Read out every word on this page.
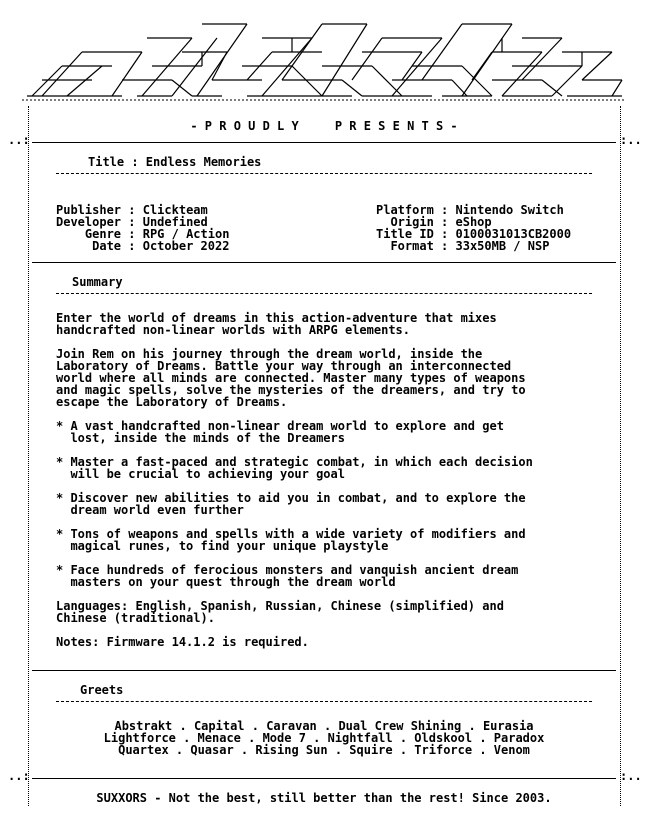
..:	:..
..:	:..
- P R O U D L Y     P R E S E N T S -
Title : Endless Memories

Publisher : Clickteam
Developer : Undefined
Genre : RPG / Action
Date : October 2022

Platform : Nintendo Switch
Origin : eShop
Title ID : 0100031013CB2000
Format : 33x50MB / NSP
Summary
Enter the world of dreams in this action-adventure that mixes
handcrafted non-linear worlds with ARPG elements.
Join Rem on his journey through the dream world, inside the
Laboratory of Dreams. Battle your way through an interconnected
world where all minds are connected. Master many types of weapons
and magic spells, solve the mysteries of the dreamers, and try to
escape the Laboratory of Dreams.
* A vast handcrafted non-linear dream world to explore and get
lost, inside the minds of the Dreamers
* Master a fast-paced and strategic combat, in which each decision
will be crucial to achieving your goal
* Discover new abilities to aid you in combat, and to explore the
dream world even further
* Tons of weapons and spells with a wide variety of modifiers and
magical runes, to find your unique playstyle
* Face hundreds of ferocious monsters and vanquish ancient dream
masters on your quest through the dream world
Languages: English, Spanish, Russian, Chinese (simplified) and
Chinese (traditional).
Notes: Firmware 14.1.2 is required.
Greets
Abstrakt . Capital . Caravan . Dual Crew Shining . Eurasia
Lightforce . Menace . Mode 7 . Nightfall . Oldskool . Paradox
Quartex . Quasar . Rising Sun . Squire . Triforce . Venom
SUXXORS - Not the best, still better than the rest! Since 2003.
